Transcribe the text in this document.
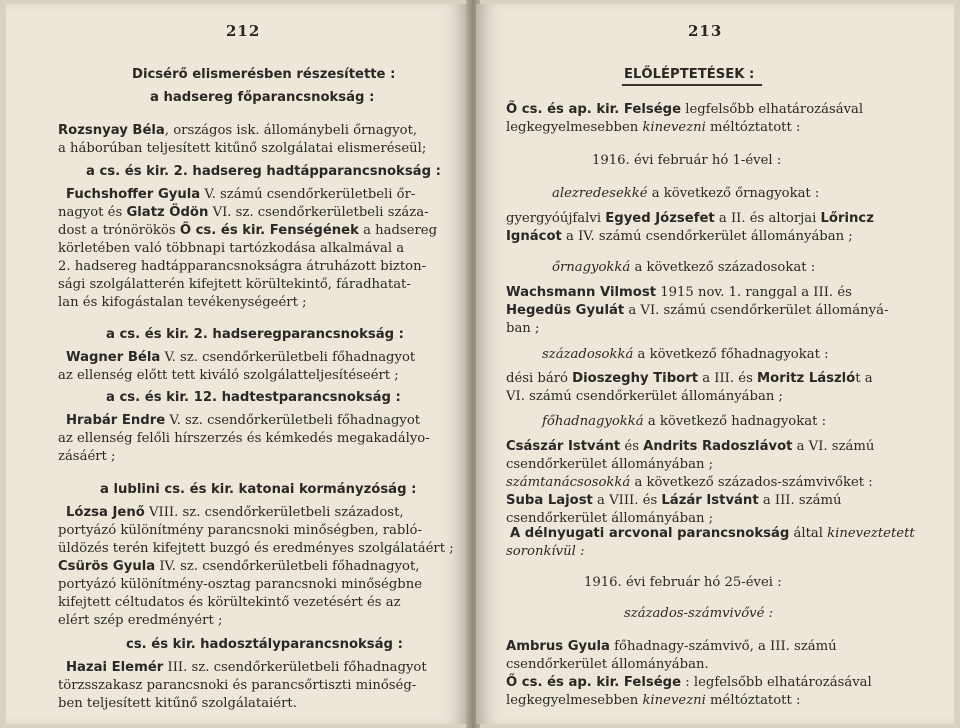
212
Dicsérő elismerésben részesítette :
a hadsereg főparancsnokság :
Rozsnyay Béla, országos isk. állománybeli őrnagyot,
a háborúban teljesített kitűnő szolgálatai elismeréseül;
a cs. és kir. 2. hadsereg hadtápparancsnokság :
Fuchshoffer Gyula V. számú csendőrkerületbeli őr-
nagyot és Glatz Ödön VI. sz. csendőrkerületbeli száza-
dost a trónörökös Ő cs. és kir. Fenségének a hadsereg
körletében való többnapi tartózkodása alkalmával a
2. hadsereg hadtápparancsnokságra átruházott bizton-
sági szolgálatterén kifejtett körültekintő, fáradhatat-
lan és kifogástalan tevékenységeért ;
a cs. és kir. 2. hadseregparancsnokság :
Wagner Béla V. sz. csendőrkerületbeli főhadnagyot
az ellenség előtt tett kiváló szolgálatteljesítéseért ;
a cs. és kir. 12. hadtestparancsnokság :
Hrabár Endre V. sz. csendőrkerületbeli főhadnagyot
az ellenség felőli hírszerzés és kémkedés megakadályo-
zásáért ;
a lublini cs. és kir. katonai kormányzóság :
Lózsa Jenő VIII. sz. csendőrkerületbeli századost,
portyázó különítmény parancsnoki minőségben, rabló-
üldözés terén kifejtett buzgó és eredményes szolgálatáért ;
Csürös Gyula IV. sz. csendőrkerületbeli főhadnagyot,
portyázó különítmény-osztag parancsnoki minőségbne
kifejtett céltudatos és körültekintő vezetésért és az
elért szép eredményért ;
cs. és kir. hadosztályparancsnokság :
Hazai Elemér III. sz. csendőrkerületbeli főhadnagyot
törzsszakasz parancsnoki és parancsőrtiszti minőség-
ben teljesített kitűnő szolgálataiért.
213
ELŐLÉPTETÉSEK :
Ő cs. és ap. kir. Felsége legfelsőbb elhatározásával
legkegyelmesebben kinevezni méltóztatott :
1916. évi február hó 1-ével :
alezredesekké a következő őrnagyokat :
gyergyóújfalvi Egyed Józsefet a II. és altorjai Lőrincz
Ignácot a IV. számú csendőrkerület állományában ;
őrnagyokká a következő századosokat :
Wachsmann Vilmost 1915 nov. 1. ranggal a III. és
Hegedüs Gyulát a VI. számú csendőrkerület állományá-
ban ;
századosokká a következő főhadnagyokat :
dési báró Dioszeghy Tibort a III. és Moritz Lászlót a
VI. számú csendőrkerület állományában ;
főhadnagyokká a következő hadnagyokat :
Császár Istvánt és Andrits Radoszlávot a VI. számú
csendőrkerület állományában ;
számtanácsosokká a következő százados-számvivőket :
Suba Lajost a VIII. és Lázár Istvánt a III. számú
csendőrkerület állományában ;
A délnyugati arcvonal parancsnokság által kineveztetett
soronkívül :
1916. évi február hó 25-évei :
százados-számvivővé :
Ambrus Gyula főhadnagy-számvivő, a III. számú
csendőrkerület állományában.
Ő cs. és ap. kir. Felsége : legfelsőbb elhatározásával
legkegyelmesebben kinevezni méltóztatott :
